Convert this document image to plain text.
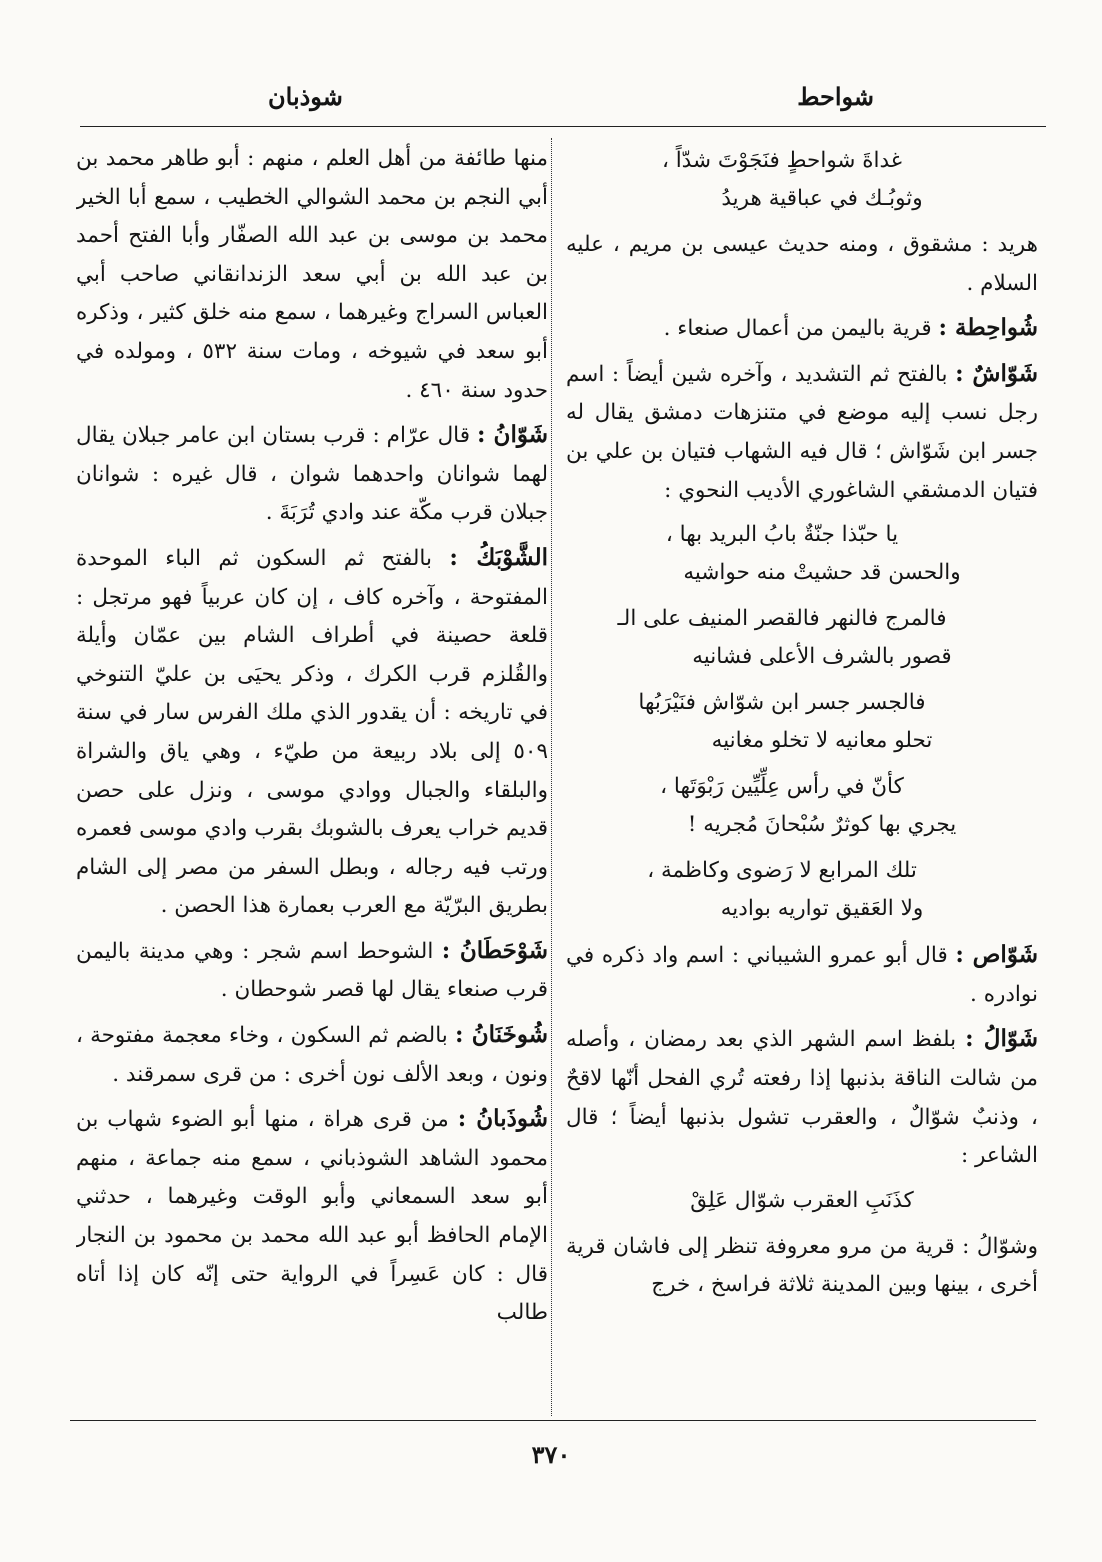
شواحط
شوذبان
غداةَ شواحطٍ فنَجَوْتَ شدّاً ،
وثوبُـك في عباقية هريدُ

هريد : مشقوق ، ومنه حديث عيسى بن مريم ، عليه السلام .

شُواحِطة : قرية باليمن من أعمال صنعاء .

شَوّاشٌ : بالفتح ثم التشديد ، وآخره شين أيضاً : اسم رجل نسب إليه موضع في متنزهات دمشق يقال له جسر ابن شَوّاش ؛ قال فيه الشهاب فتيان بن علي بن فتيان الدمشقي الشاغوري الأديب النحوي :

يا حبّذا جنّةٌ بابُ البريد بها ،
والحسن قد حشيتْ منه حواشيه
فالمرج فالنهر فالقصر المنيف على الـ
قصور بالشرف الأعلى فشانيه
فالجسر جسر ابن شوّاش فنَيْرَبُها
تحلو معانيه لا تخلو مغانيه
كأنّ في رأس عِلِّيِّين رَبْوَتَها ،
يجري بها كوثرٌ سُبْحانَ مُجريه !
تلك المرابع لا رَضوى وكاظمة ،
ولا العَقيق تواريه بواديه

شَوّاص : قال أبو عمرو الشيباني : اسم واد ذكره في نوادره .

شَوّالُ : بلفظ اسم الشهر الذي بعد رمضان ، وأصله من شالت الناقة بذنبها إذا رفعته تُري الفحل أنّها لاقحٌ ، وذنبٌ شوّالٌ ، والعقرب تشول بذنبها أيضاً ؛ قال الشاعر :

كذَنَبِ العقرب شوّال عَلِقْ

وشوّالُ : قرية من مرو معروفة تنظر إلى فاشان قرية أخرى ، بينها وبين المدينة ثلاثة فراسخ ، خرج

منها طائفة من أهل العلم ، منهم : أبو طاهر محمد بن أبي النجم بن محمد الشوالي الخطيب ، سمع أبا الخير محمد بن موسى بن عبد الله الصفّار وأبا الفتح أحمد بن عبد الله بن أبي سعد الزندانقاني صاحب أبي العباس السراج وغيرهما ، سمع منه خلق كثير ، وذكره أبو سعد في شيوخه ، ومات سنة ٥٣٢ ، ومولده في حدود سنة ٤٦٠ .

شَوّانُ : قال عرّام : قرب بستان ابن عامر جبلان يقال لهما شوانان واحدهما شوان ، قال غيره : شوانان جبلان قرب مكّة عند وادي تُرَبَةَ .

الشَّوْبَكُ : بالفتح ثم السكون ثم الباء الموحدة المفتوحة ، وآخره كاف ، إن كان عربياً فهو مرتجل : قلعة حصينة في أطراف الشام بين عمّان وأيلة والقُلزم قرب الكرك ، وذكر يحيَى بن عليّ التنوخي في تاريخه : أن يقدور الذي ملك الفرس سار في سنة ٥٠٩ إلى بلاد ربيعة من طيّء ، وهي ياق والشراة والبلقاء والجبال ووادي موسى ، ونزل على حصن قديم خراب يعرف بالشوبك بقرب وادي موسى فعمره ورتب فيه رجاله ، وبطل السفر من مصر إلى الشام بطريق البرّيّة مع العرب بعمارة هذا الحصن .

شَوْحَطَانُ : الشوحط اسم شجر : وهي مدينة باليمن قرب صنعاء يقال لها قصر شوحطان .

شُوخَنَانُ : بالضم ثم السكون ، وخاء معجمة مفتوحة ، ونون ، وبعد الألف نون أخرى : من قرى سمرقند .

شُوذَبانُ : من قرى هراة ، منها أبو الضوء شهاب بن محمود الشاهد الشوذباني ، سمع منه جماعة ، منهم أبو سعد السمعاني وأبو الوقت وغيرهما ، حدثني الإمام الحافظ أبو عبد الله محمد بن محمود بن النجار قال : كان عَسِراً في الرواية حتى إنّه كان إذا أتاه طالب

٣٧٠
